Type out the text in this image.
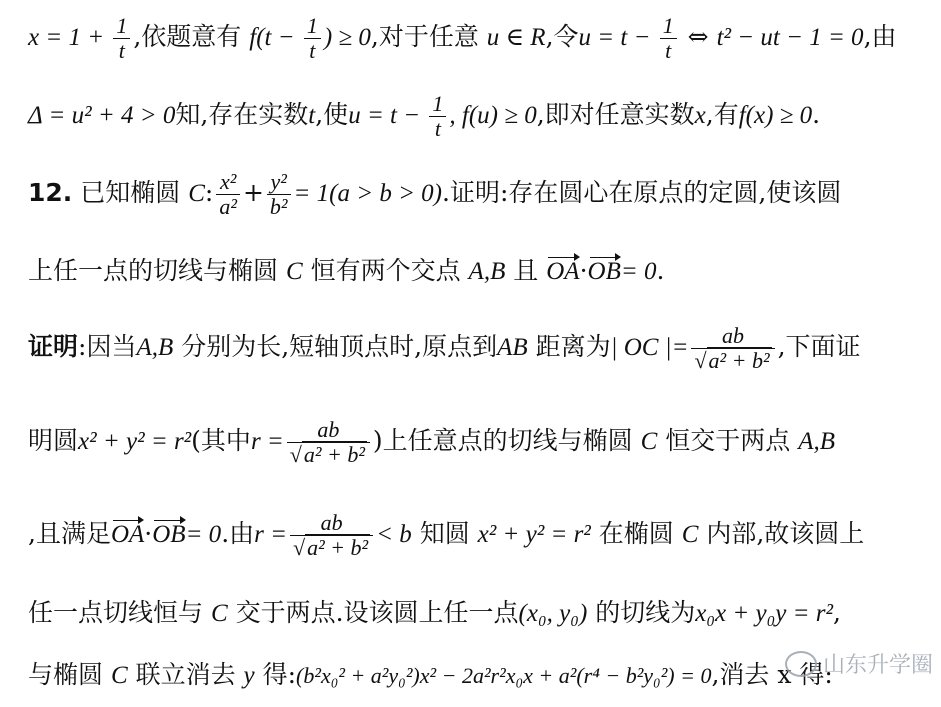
$x = 1 + \frac{1}{t}$ ,依题意有 $f(t - \frac{1}{t}$ ) ≥ 0,对于任意 u ∈ R,令$u = t - \frac{1}{t}$ ⇔ t² − ut − 1 = 0,由
Δ = u² + 4 > 0知,存在实数t,使$u = t - \frac{1}{t}$ , f(u) ≥ 0,即对任意实数x,有f(x) ≥ 0.
12. 已知椭圆 C: $\frac{\text{x²}}{\text{a²}} + \frac{\text{y²}}{\text{b²}} = 1(a > b > 0)$.证明:存在圆心在原点的定圆,使该圆
上任一点的切线与椭圆 C 恒有两个交点 A,B 且 OA·OB= 0.
证明:因当A,B 分别为长,短轴顶点时,原点到AB 距离为| OC |= $\frac{ab}{\text{√a² + b²}}$ ,下面证
明圆x² + y² = r²(其中$r = \frac{ab}{\text{√a² + b²}}$ )上任意点的切线与椭圆 C 恒交于两点 A,B
,且满足OA·OB= 0.由$r = \frac{ab}{\text{√a² + b²}} < b$ 知圆 x² + y² = r² 在椭圆 C 内部,故该圆上
任一点切线恒与 C 交于两点.设该圆上任一点(x₀, y₀) 的切线为x₀x + y₀y = r²,
与椭圆 C 联立消去 y 得:(b²x₀² + a²y₀²)x² − 2a²r²x₀x + a²(r⁴ − b²y₀²) = 0,消去 x 得:
山东升学圈
